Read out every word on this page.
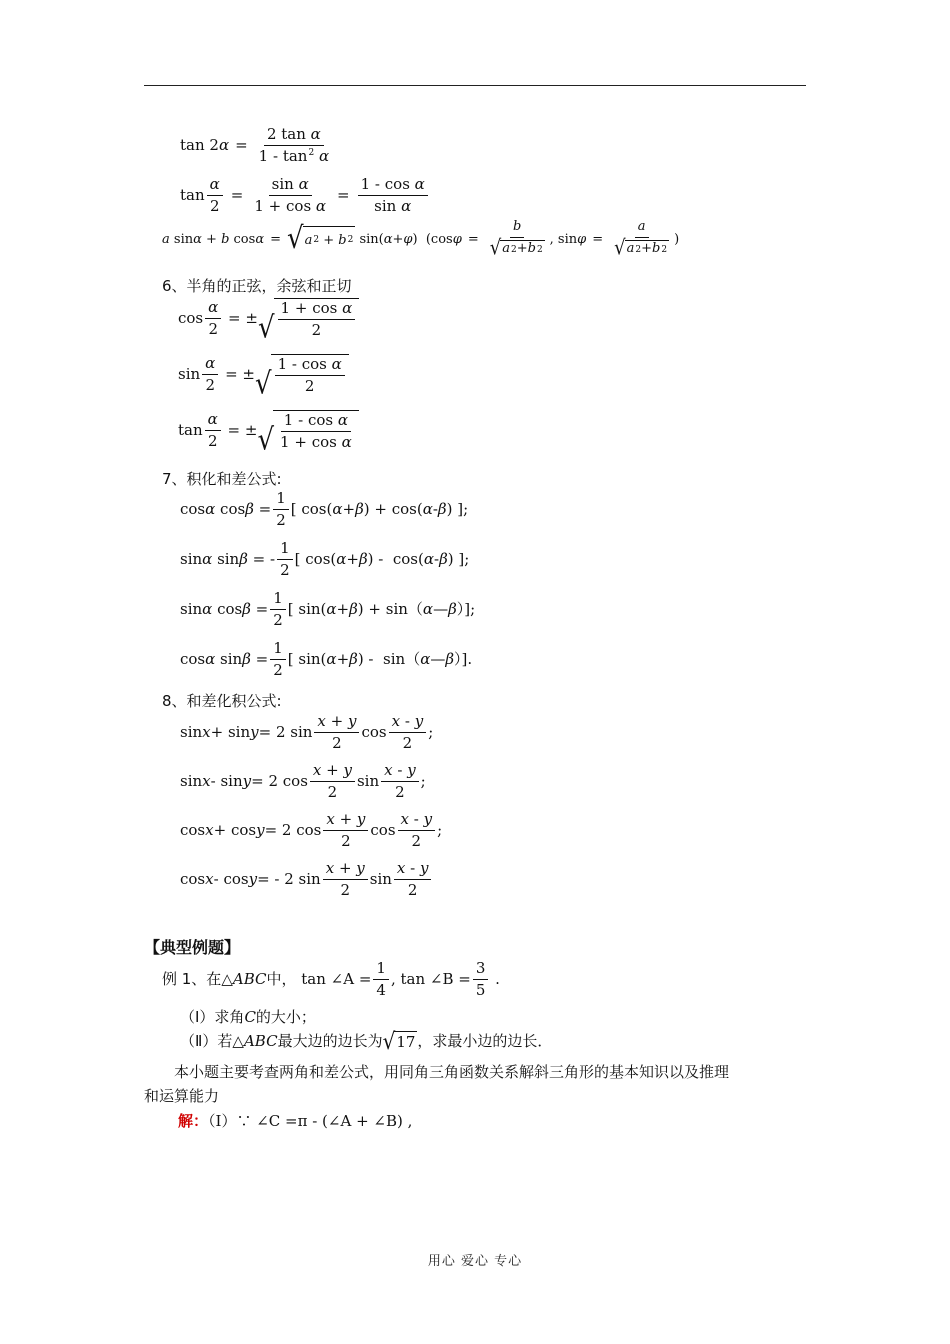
tan 2 $\alpha = \frac{\text{2 tan α}}{1 - \tan^2 \alpha}$
$\tan \frac{\alpha}{2} = \frac{\text{sin α}}{\text{1 + cos α}} = \frac{\text{1 - cos α}}{\text{sin α}}$
a sin α + b cos α = √ a 2 + b 2 sin( α + φ )  (cos $\varphi = \frac{b}{√ a 2 + b 2}$ , $\sin \varphi = \frac{a}{√ a 2 + b 2}$ )
6、半角的正弦，余弦和正切
$\cos \frac{\alpha}{2}$ = ± √ $\frac{\text{1 + cos α}}{2}$
$\sin \frac{\alpha}{2}$ = ± √ $\frac{\text{1 - cos α}}{2}$
$\tan \frac{\alpha}{2}$ = ± √ $\frac{\text{1 - cos α}}{\text{1 + cos α}}$
7、积化和差公式:
cos α $\cos \beta = \frac{1}{2}$ [ cos( α + β ) + cos( α - β ) ];
sin α sin β = - $\frac{1}{2}$ [ cos( α + β ) -  cos( α - β ) ];
sin α $\cos \beta = \frac{1}{2}$ [ sin( α + β ) + sin（ α — β ）];
cos α $\sin \beta = \frac{1}{2}$ [ sin( α + β ) -  sin（ α — β ）].
8、和差化积公式:
sin x + sin y = 2 $\sin \frac{x + y}{2}$ $\cos \frac{x - y}{2}$ ;
sin x - sin y = 2 $\cos \frac{x + y}{2}$ $\sin \frac{x - y}{2}$ ;
cos x + cos y = 2 $\cos \frac{x + y}{2}$ $\cos \frac{x - y}{2}$ ;
cos x - cos y = - 2 $\sin \frac{x + y}{2}$ $\sin \frac{x - y}{2}$
【典型例题】
例 1、在 △ABC 中， tan ∠A = $\frac{1}{4}$ , tan ∠B = $\frac{3}{5}$ .
（Ⅰ）求角C的大小；
（Ⅱ）若 △ABC 最大边的边长为 √ 17 ，求最小边的边长．
本小题主要考查两角和差公式，用同角三角函数关系解斜三角形的基本知识以及推理
和运算能力
解：（Ⅰ）∵ ∠C =π - (∠A + ∠B) ,
用心 爱心 专心
